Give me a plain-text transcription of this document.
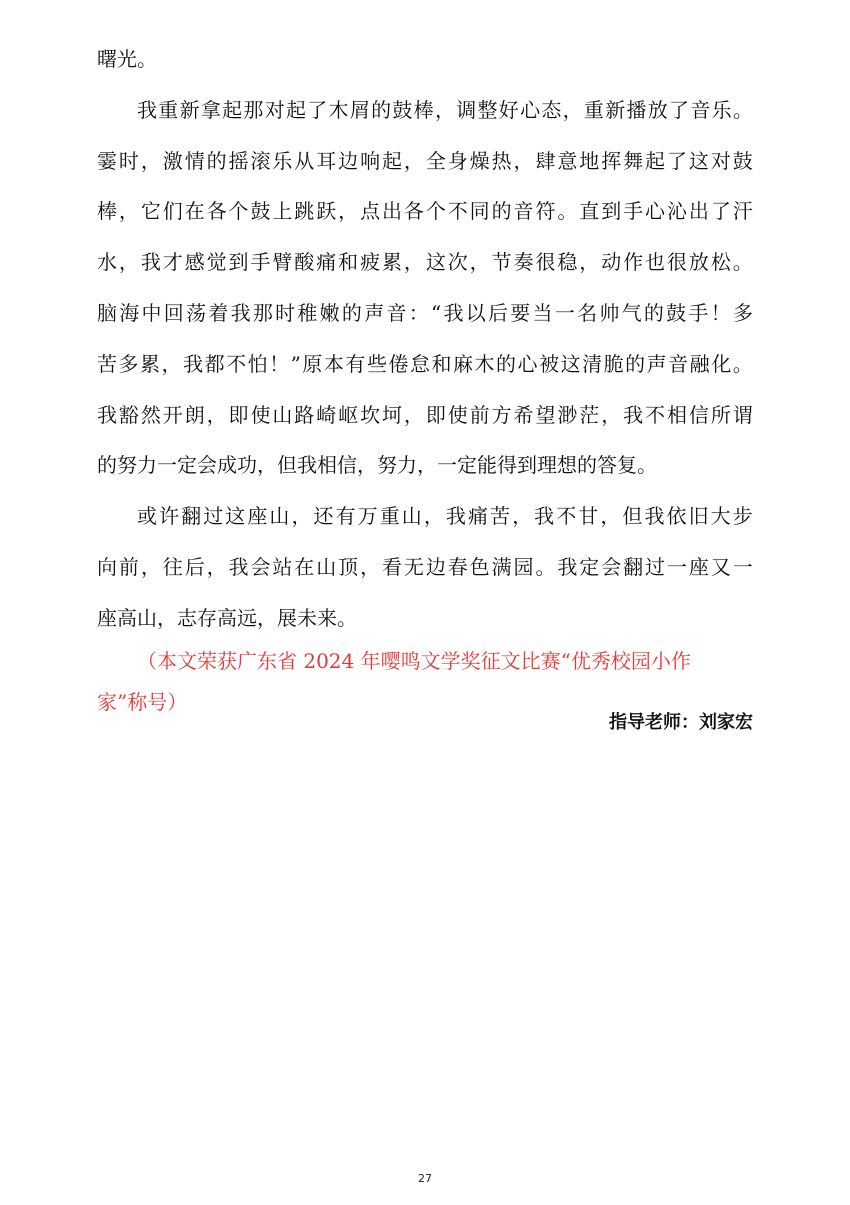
曙光。
我 重 新 拿 起 那 对 起 了 木 屑 的 鼓 棒 ， 调 整 好 心 态 ， 重 新 播 放 了 音 乐 。
霎 时 ， 激 情 的 摇 滚 乐 从 耳 边 响 起 ， 全 身 燥 热 ， 肆 意 地 挥 舞 起 了 这 对 鼓
棒 ， 它 们 在 各 个 鼓 上 跳 跃 ， 点 出 各 个 不 同 的 音 符 。 直 到 手 心 沁 出 了 汗
水 ， 我 才 感 觉 到 手 臂 酸 痛 和 疲 累 ， 这 次 ， 节 奏 很 稳 ， 动 作 也 很 放 松 。
脑 海 中 回 荡 着 我 那 时 稚 嫩 的 声 音 ： “ 我 以 后 要 当 一 名 帅 气 的 鼓 手 ！ 多
苦 多 累 ， 我 都 不 怕 ！ ” 原 本 有 些 倦 怠 和 麻 木 的 心 被 这 清 脆 的 声 音 融 化 。
我 豁 然 开 朗 ， 即 使 山 路 崎 岖 坎 坷 ， 即 使 前 方 希 望 渺 茫 ， 我 不 相 信 所 谓
的努力一定会成功，但我相信，努力，一定能得到理想的答复。
或 许 翻 过 这 座 山 ， 还 有 万 重 山 ， 我 痛 苦 ， 我 不 甘 ， 但 我 依 旧 大 步
向 前 ， 往 后 ， 我 会 站 在 山 顶 ， 看 无 边 春 色 满 园 。 我 定 会 翻 过 一 座 又 一
座高山，志存高远，展未来。
（本文荣获广东省 2024 年嘤鸣文学奖征文比赛“优秀校园小作
家”称号）
指导老师：刘家宏
27
